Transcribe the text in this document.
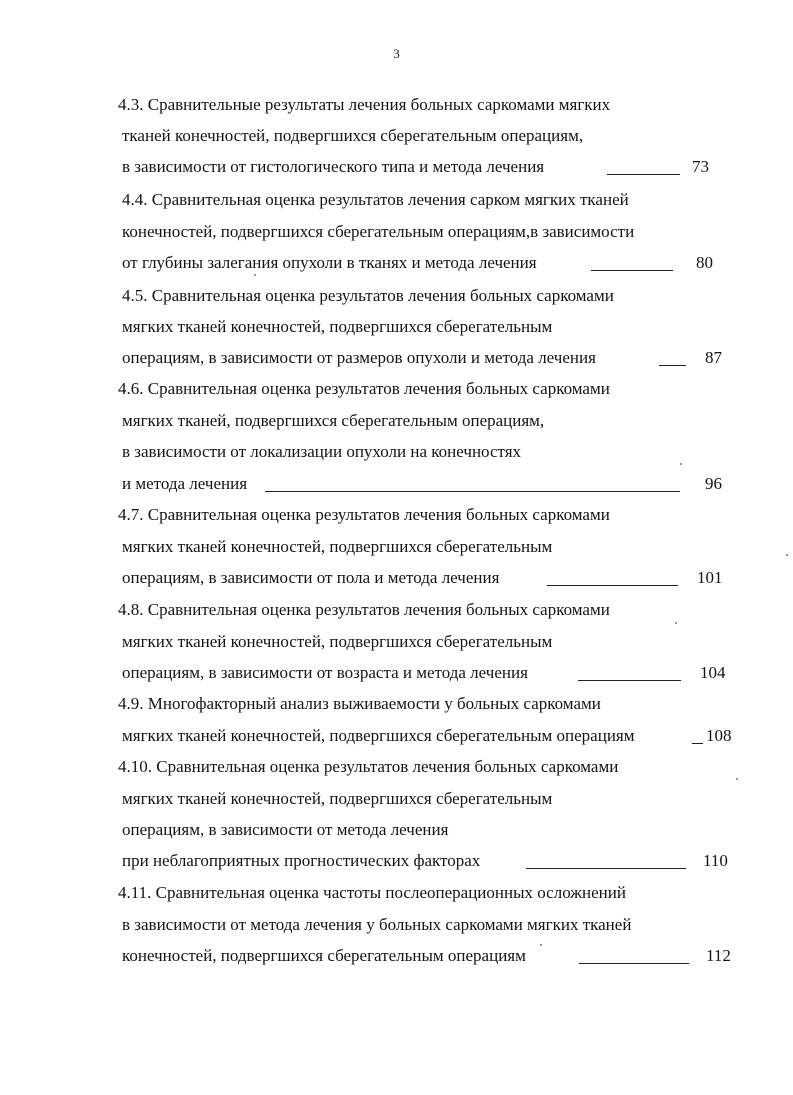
3
4.3. Сравнительные результаты лечения больных саркомами мягких
тканей конечностей, подвергшихся сберегательным операциям,
в зависимости от гистологического типа и метода лечения	73
4.4. Сравнительная оценка результатов лечения сарком мягких тканей
конечностей, подвергшихся сберегательным операциям,в зависимости
от глубины залегания опухоли в тканях и метода лечения	80
4.5. Сравнительная оценка результатов лечения больных саркомами
мягких тканей конечностей, подвергшихся сберегательным
операциям, в зависимости от размеров опухоли и метода лечения	87
4.6. Сравнительная оценка результатов лечения больных саркомами
мягких тканей, подвергшихся сберегательным операциям,
в зависимости от локализации опухоли на конечностях
и метода лечения	96
4.7. Сравнительная оценка результатов лечения больных саркомами
мягких тканей конечностей, подвергшихся сберегательным
операциям, в зависимости от пола и метода лечения	101
4.8. Сравнительная оценка результатов лечения больных саркомами
мягких тканей конечностей, подвергшихся сберегательным
операциям, в зависимости от возраста и метода лечения	104
4.9. Многофакторный анализ выживаемости у больных саркомами
мягких тканей конечностей, подвергшихся сберегательным операциям	108
4.10. Сравнительная оценка результатов лечения больных саркомами
мягких тканей конечностей, подвергшихся сберегательным
операциям, в зависимости от метода лечения
при неблагоприятных прогностических факторах	110
4.11. Сравнительная оценка частоты послеоперационных осложнений
в зависимости от метода лечения у больных саркомами мягких тканей
конечностей, подвергшихся сберегательным операциям	112
